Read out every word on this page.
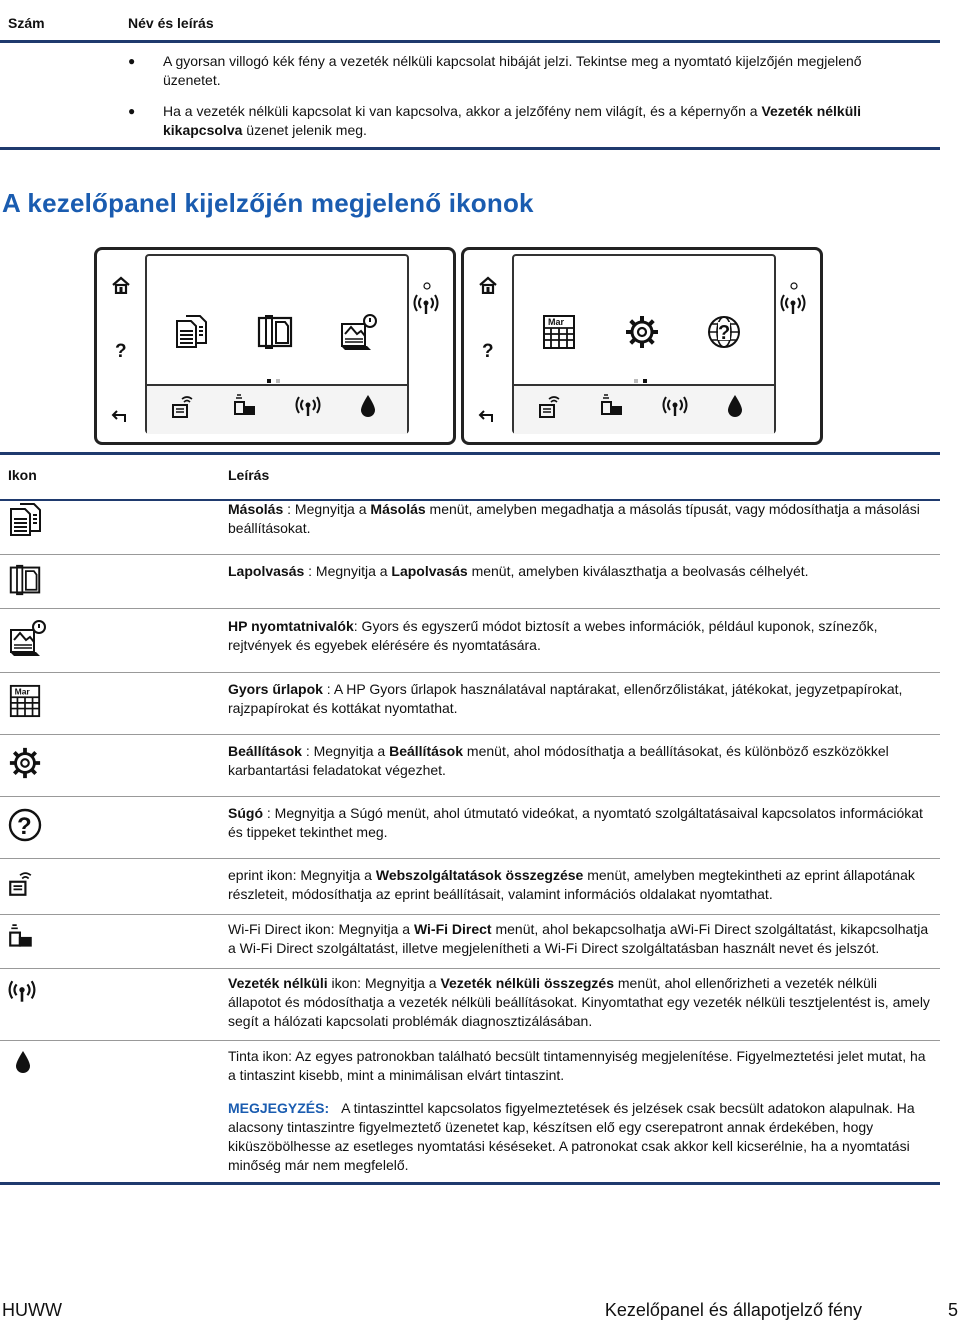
Szám	Név és leírás
● A gyorsan villogó kék fény a vezeték nélküli kapcsolat hibáját jelzi. Tekintse meg a nyomtató kijelzőjén megjelenő üzenetet.
● Ha a vezeték nélküli kapcsolat ki van kapcsolva, akkor a jelzőfény nem világít, és a képernyőn a Vezeték nélküli kikapcsolva üzenet jelenik meg.
A kezelőpanel kijelzőjén megjelenő ikonok
?	?
Mar	?
Ikon	Leírás
Másolás : Megnyitja a Másolás menüt, amelyben megadhatja a másolás típusát, vagy módosíthatja a másolási beállításokat.
Lapolvasás : Megnyitja a Lapolvasás menüt, amelyben kiválaszthatja a beolvasás célhelyét.
HP nyomtatnivalók: Gyors és egyszerű módot biztosít a webes információk, például kuponok, színezők, rejtvények és egyebek elérésére és nyomtatására.
Mar	Gyors űrlapok : A HP Gyors űrlapok használatával naptárakat, ellenőrzőlistákat, játékokat, jegyzetpapírokat, rajzpapírokat és kottákat nyomtathat.
Beállítások : Megnyitja a Beállítások menüt, ahol módosíthatja a beállításokat, és különböző eszközökkel karbantartási feladatokat végezhet.
?	Súgó : Megnyitja a Súgó menüt, ahol útmutató videókat, a nyomtató szolgáltatásaival kapcsolatos információkat és tippeket tekinthet meg.
eprint ikon: Megnyitja a Webszolgáltatások összegzése menüt, amelyben megtekintheti az eprint állapotának részleteit, módosíthatja az eprint beállításait, valamint információs oldalakat nyomtathat.
Wi-Fi Direct ikon: Megnyitja a Wi-Fi Direct menüt, ahol bekapcsolhatja aWi-Fi Direct szolgáltatást, kikapcsolhatja a Wi-Fi Direct szolgáltatást, illetve megjelenítheti a Wi-Fi Direct szolgáltatásban használt nevet és jelszót.
Vezeték nélküli ikon: Megnyitja a Vezeték nélküli összegzés menüt, ahol ellenőrizheti a vezeték nélküli állapotot és módosíthatja a vezeték nélküli beállításokat. Kinyomtathat egy vezeték nélküli tesztjelentést is, amely segít a hálózati kapcsolati problémák diagnosztizálásában.
Tinta ikon: Az egyes patronokban található becsült tintamennyiség megjelenítése. Figyelmeztetési jelet mutat, ha a tintaszint kisebb, mint a minimálisan elvárt tintaszint.
MEGJEGYZÉS: A tintaszinttel kapcsolatos figyelmeztetések és jelzések csak becsült adatokon alapulnak. Ha alacsony tintaszintre figyelmeztető üzenetet kap, készítsen elő egy cserepatront annak érdekében, hogy kiküszöbölhesse az esetleges nyomtatási késéseket. A patronokat csak akkor kell kicserélnie, ha a nyomtatási minőség már nem megfelelő.
HUWW	Kezelőpanel és állapotjelző fény	5
